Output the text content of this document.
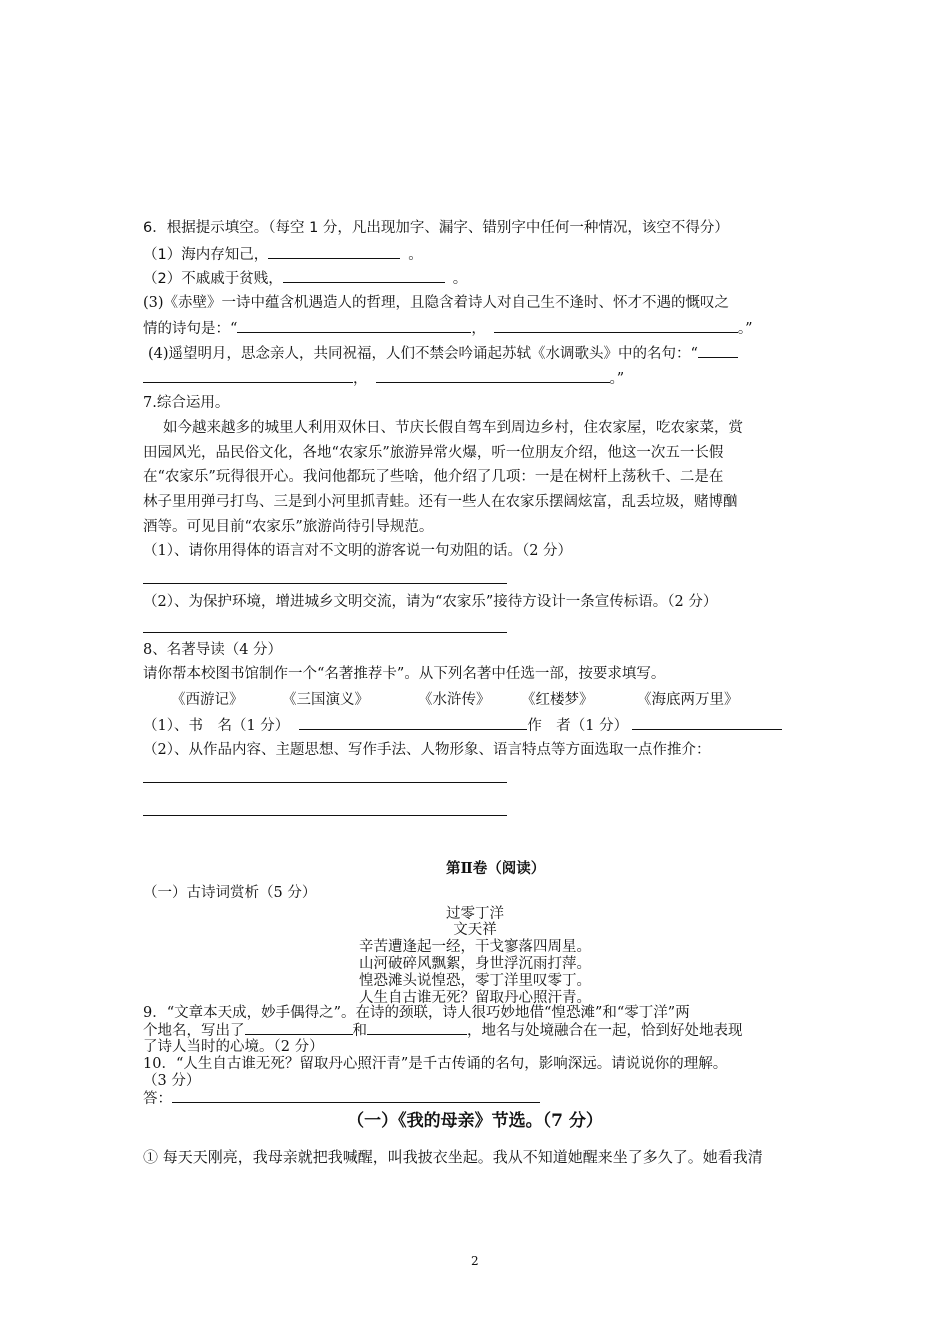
6．根据提示填空。（每空 1 分，凡出现加字、漏字、错别字中任何一种情况，该空不得分）
（1）海内存知己，	。
（2）不戚戚于贫贱，	。
(3)《赤壁》一诗中蕴含机遇造人的哲理，且隐含着诗人对自己生不逢时、怀才不遇的慨叹之
情的诗句是：“	，	。”
(4)遥望明月，思念亲人，共同祝福，人们不禁会吟诵起苏轼《水调歌头》中的名句：“
，	。”
7.综合运用。
如今越来越多的城里人利用双休日、节庆长假自驾车到周边乡村，住农家屋，吃农家菜，赏
田园风光，品民俗文化，各地“农家乐”旅游异常火爆，听一位朋友介绍，他这一次五一长假
在“农家乐”玩得很开心。我问他都玩了些啥，他介绍了几项：一是在树杆上荡秋千、二是在
林子里用弹弓打鸟、三是到小河里抓青蛙。还有一些人在农家乐摆阔炫富，乱丢垃圾，赌博酗
酒等。可见目前“农家乐”旅游尚待引导规范。
（1）、请你用得体的语言对不文明的游客说一句劝阻的话。（2 分）
（2）、为保护环境，增进城乡文明交流，请为“农家乐”接待方设计一条宣传标语。（2 分）
8、名著导读（4 分）
请你帮本校图书馆制作一个“名著推荐卡”。从下列名著中任选一部，按要求填写。
《西游记》	《三国演义》	《水浒传》 《红楼梦》	《海底两万里》
（1）、书　名（1 分）	作　者（1 分）
（2）、从作品内容、主题思想、写作手法、人物形象、语言特点等方面选取一点作推介：
第Ⅱ卷（阅读）
（一）古诗词赏析（5 分）
过零丁洋
文天祥
辛苦遭逢起一经，干戈寥落四周星。
山河破碎风飘絮，身世浮沉雨打萍。
惶恐滩头说惶恐，零丁洋里叹零丁。
人生自古谁无死？留取丹心照汗青。
9．“文章本天成，妙手偶得之”。在诗的颈联，诗人很巧妙地借“惶恐滩”和“零丁洋”两
个地名，写出了	和	，地名与处境融合在一起，恰到好处地表现
了诗人当时的心境。（2 分）
10．“人生自古谁无死？留取丹心照汗青”是千古传诵的名句，影响深远。请说说你的理解。
（3 分）
答：
（一）《我的母亲》节选。（7 分）
① 每天天刚亮，我母亲就把我喊醒，叫我披衣坐起。我从不知道她醒来坐了多久了。她看我清
2
